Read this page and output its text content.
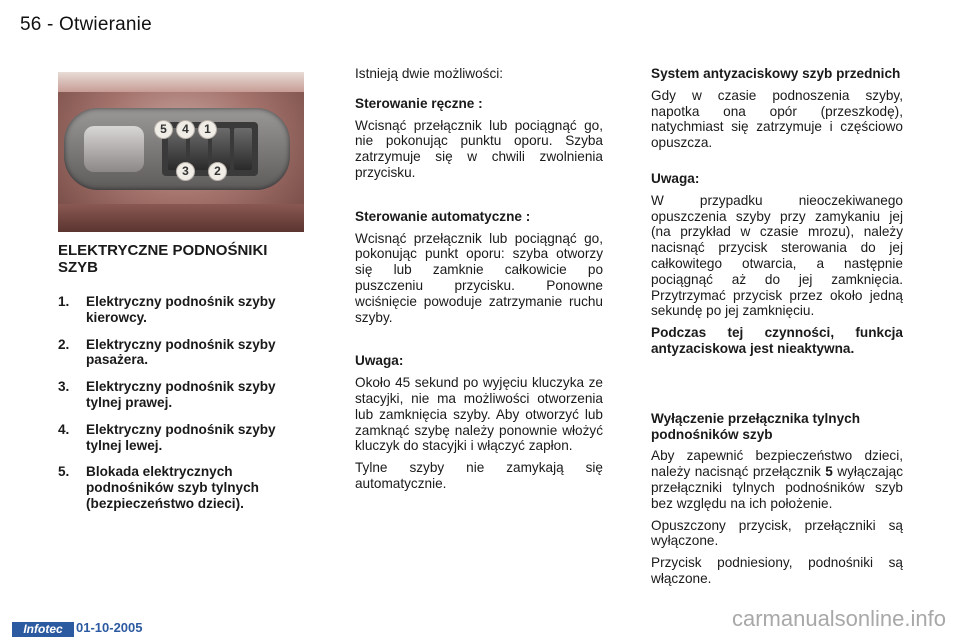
56 - Otwieranie
5	4	1
3	2
ELEKTRYCZNE PODNOŚNIKI SZYB
1. Elektryczny podnośnik szyby kierowcy.
2. Elektryczny podnośnik szyby pasażera.
3. Elektryczny podnośnik szyby tylnej prawej.
4. Elektryczny podnośnik szyby tylnej lewej.
5. Blokada elektrycznych podnośników szyb tylnych (bezpieczeństwo dzieci).

Istnieją dwie możliwości:

Sterowanie ręczne :

Wcisnąć przełącznik lub pociągnąć go, nie pokonując punktu oporu. Szyba zatrzymuje się w chwili zwolnienia przycisku.

Sterowanie automatyczne :

Wcisnąć przełącznik lub pociągnąć go, pokonując punkt oporu: szyba otworzy się lub zamknie całkowicie po puszczeniu przycisku. Ponowne wciśnięcie powoduje zatrzymanie ruchu szyby.

Uwaga:

Około 45 sekund po wyjęciu kluczyka ze stacyjki, nie ma możliwości otworzenia lub zamknięcia szyby. Aby otworzyć lub zamknąć szybę należy ponownie włożyć kluczyk do stacyjki i włączyć zapłon.

Tylne szyby nie zamykają się automatycznie.

System antyzaciskowy szyb przednich

Gdy w czasie podnoszenia szyby, napotka ona opór (przeszkodę), natychmiast się zatrzymuje i częściowo opuszcza.

Uwaga:

W przypadku nieoczekiwanego opuszczenia szyby przy zamykaniu jej (na przykład w czasie mrozu), należy nacisnąć przycisk sterowania do jej całkowitego otwarcia, a następnie pociągnąć aż do jej zamknięcia. Przytrzymać przycisk przez około jedną sekundę po jej zamknięciu.

Podczas tej czynności, funkcja antyzaciskowa jest nieaktywna.

Wyłączenie przełącznika tylnych podnośników szyb

Aby zapewnić bezpieczeństwo dzieci, należy nacisnąć przełącznik 5 wyłączając przełączniki tylnych podnośników szyb bez względu na ich położenie.

Opuszczony przycisk, przełączniki są wyłączone.

Przycisk podniesiony, podnośniki są włączone.

Infotec	01-10-2005	carmanualsonline.info
